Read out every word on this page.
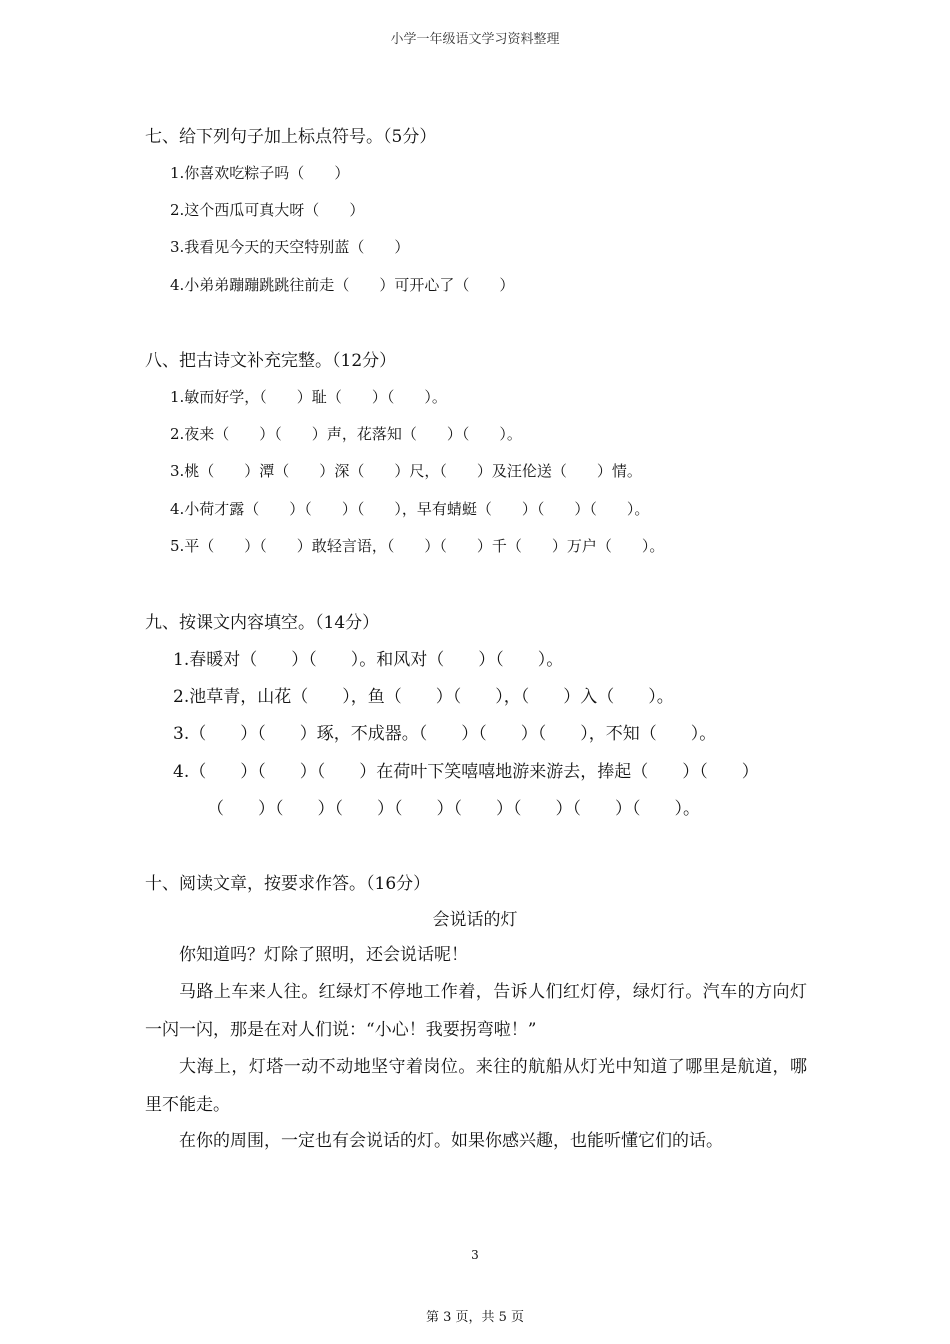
小学一年级语文学习资料整理
七、给下列句子加上标点符号。（5分）
1.你喜欢吃粽子吗（　　）
2.这个西瓜可真大呀（　　）
3.我看见今天的天空特别蓝（　　）
4.小弟弟蹦蹦跳跳往前走（　　）可开心了（　　）
八、把古诗文补充完整。（12分）
1.敏而好学，（　　）耻（　　）（　　）。
2.夜来（　　）（　　）声，花落知（　　）（　　）。
3.桃（　　）潭（　　）深（　　）尺，（　　）及汪伦送（　　）情。
4.小荷才露（　　）（　　）（　　），早有蜻蜓（　　）（　　）（　　）。
5.平（　　）（　　）敢轻言语，（　　）（　　）千（　　）万户（　　）。
九、按课文内容填空。（14分）
1.春暖对（　　）（　　）。和风对（　　）（　　）。
2.池草青，山花（　　），鱼（　　）（　　），（　　）入（　　）。
3.（　　）（　　）琢，不成器。（　　）（　　）（　　），不知（　　）。
4.（　　）（　　）（　　）在荷叶下笑嘻嘻地游来游去，捧起（　　）（　　）
（　　）（　　）（　　）（　　）（　　）（　　）（　　）（　　）。
十、阅读文章，按要求作答。（16分）
会说话的灯
你知道吗？灯除了照明，还会说话呢！
马路上车来人往。红绿灯不停地工作着，告诉人们红灯停，绿灯行。汽车的方向灯一闪一闪，那是在对人们说：“小心！我要拐弯啦！”
大海上，灯塔一动不动地坚守着岗位。来往的航船从灯光中知道了哪里是航道，哪里不能走。
在你的周围，一定也有会说话的灯。如果你感兴趣，也能听懂它们的话。
3
第 3 页，共 5 页
